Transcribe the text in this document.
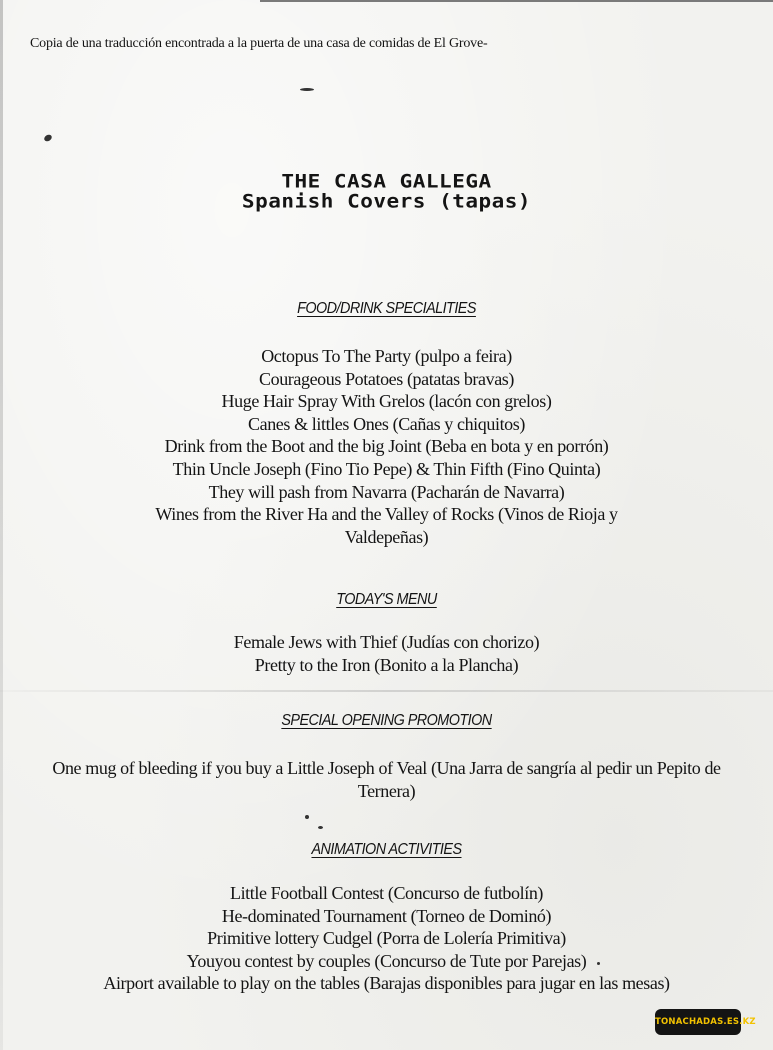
Copia de una traducción encontrada a la puerta de una casa de comidas de El Grove-
THE CASA GALLEGA
Spanish Covers (tapas)
FOOD/DRINK SPECIALITIES
Octopus To The Party (pulpo a feira)
Courageous Potatoes (patatas bravas)
Huge Hair Spray With Grelos (lacón con grelos)
Canes & littles Ones (Cañas y chiquitos)
Drink from the Boot and the big Joint (Beba en bota y en porrón)
Thin Uncle Joseph (Fino Tio Pepe) & Thin Fifth (Fino Quinta)
They will pash from Navarra (Pacharán de Navarra)
Wines from the River Ha and the Valley of Rocks (Vinos de Rioja y Valdepeñas)
TODAY'S MENU
Female Jews with Thief (Judías con chorizo)
Pretty to the Iron (Bonito a la Plancha)
SPECIAL OPENING PROMOTION
One mug of bleeding if you buy a Little Joseph of Veal (Una Jarra de sangría al pedir un Pepito de Ternera)
ANIMATION ACTIVITIES
Little Football Contest (Concurso de futbolín)
He-dominated Tournament (Torneo de Dominó)
Primitive lottery Cudgel (Porra de Lolería Primitiva)
Youyou contest by couples (Concurso de Tute por Parejas)
Airport available to play on the tables (Barajas disponibles para jugar en las mesas)
TONACHADAS.ES.KZ
